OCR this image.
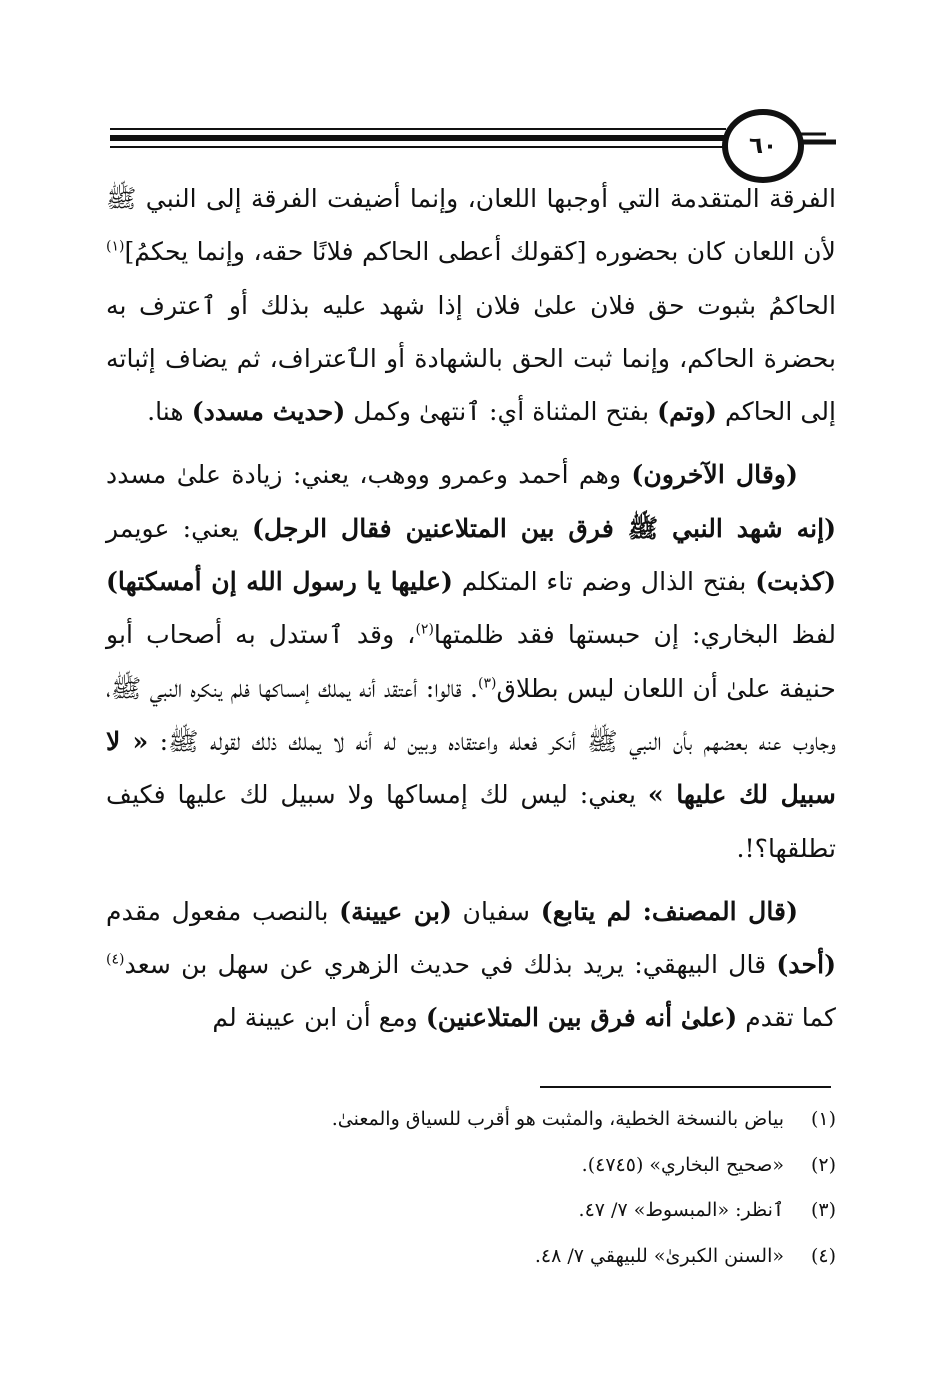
٦٠

الفرقة المتقدمة التي أوجبها اللعان، وإنما أضيفت الفرقة إلى النبي ﷺ لأن اللعان كان بحضوره [كقولك أعطى الحاكم فلانًا حقه، وإنما يحكمُ]$^{(١)}$ الحاكمُ بثبوت حق فلان علىٰ فلان إذا شهد عليه بذلك أو ٱعترف به بحضرة الحاكم، وإنما ثبت الحق بالشهادة أو الٱعتراف، ثم يضاف إثباته إلى الحاكم (وتم) بفتح المثناة أي: ٱنتهىٰ وكمل (حديث مسدد) هنا.

(وقال الآخرون) وهم أحمد وعمرو ووهب، يعني: زيادة علىٰ مسدد (إنه شهد النبي ﷺ فرق بين المتلاعنين فقال الرجل) يعني: عويمر (كذبت) بفتح الذال وضم تاء المتكلم (عليها يا رسول الله إن أمسكتها) لفظ البخاري: إن حبستها فقد ظلمتها$^{(٢)}$، وقد ٱستدل به أصحاب أبو حنيفة علىٰ أن اللعان ليس بطلاق$^{(٣)}$. قالوا: أعتقد أنه يملك إمساكها فلم ينكره النبي ﷺ، وجاوب عنه بعضهم بأن النبي ﷺ أنكر فعله واعتقاده وبين له أنه لا يملك ذلك لقوله ﷺ: « لا سبيل لك عليها » يعني: ليس لك إمساكها ولا سبيل لك عليها فكيف تطلقها؟!.

(قال المصنف: لم يتابع) سفيان (بن عيينة) بالنصب مفعول مقدم (أحد) قال البيهقي: يريد بذلك في حديث الزهري عن سهل بن سعد$^{(٤)}$ كما تقدم (علىٰ أنه فرق بين المتلاعنين) ومع أن ابن عيينة لم

(١)
بياض بالنسخة الخطية، والمثبت هو أقرب للسياق والمعنىٰ.
(٢)
«صحيح البخاري» (٤٧٤٥).
(٣)
ٱنظر: «المبسوط» ٧/ ٤٧.
(٤)
«السنن الكبرىٰ» للبيهقي ٧/ ٤٨.
